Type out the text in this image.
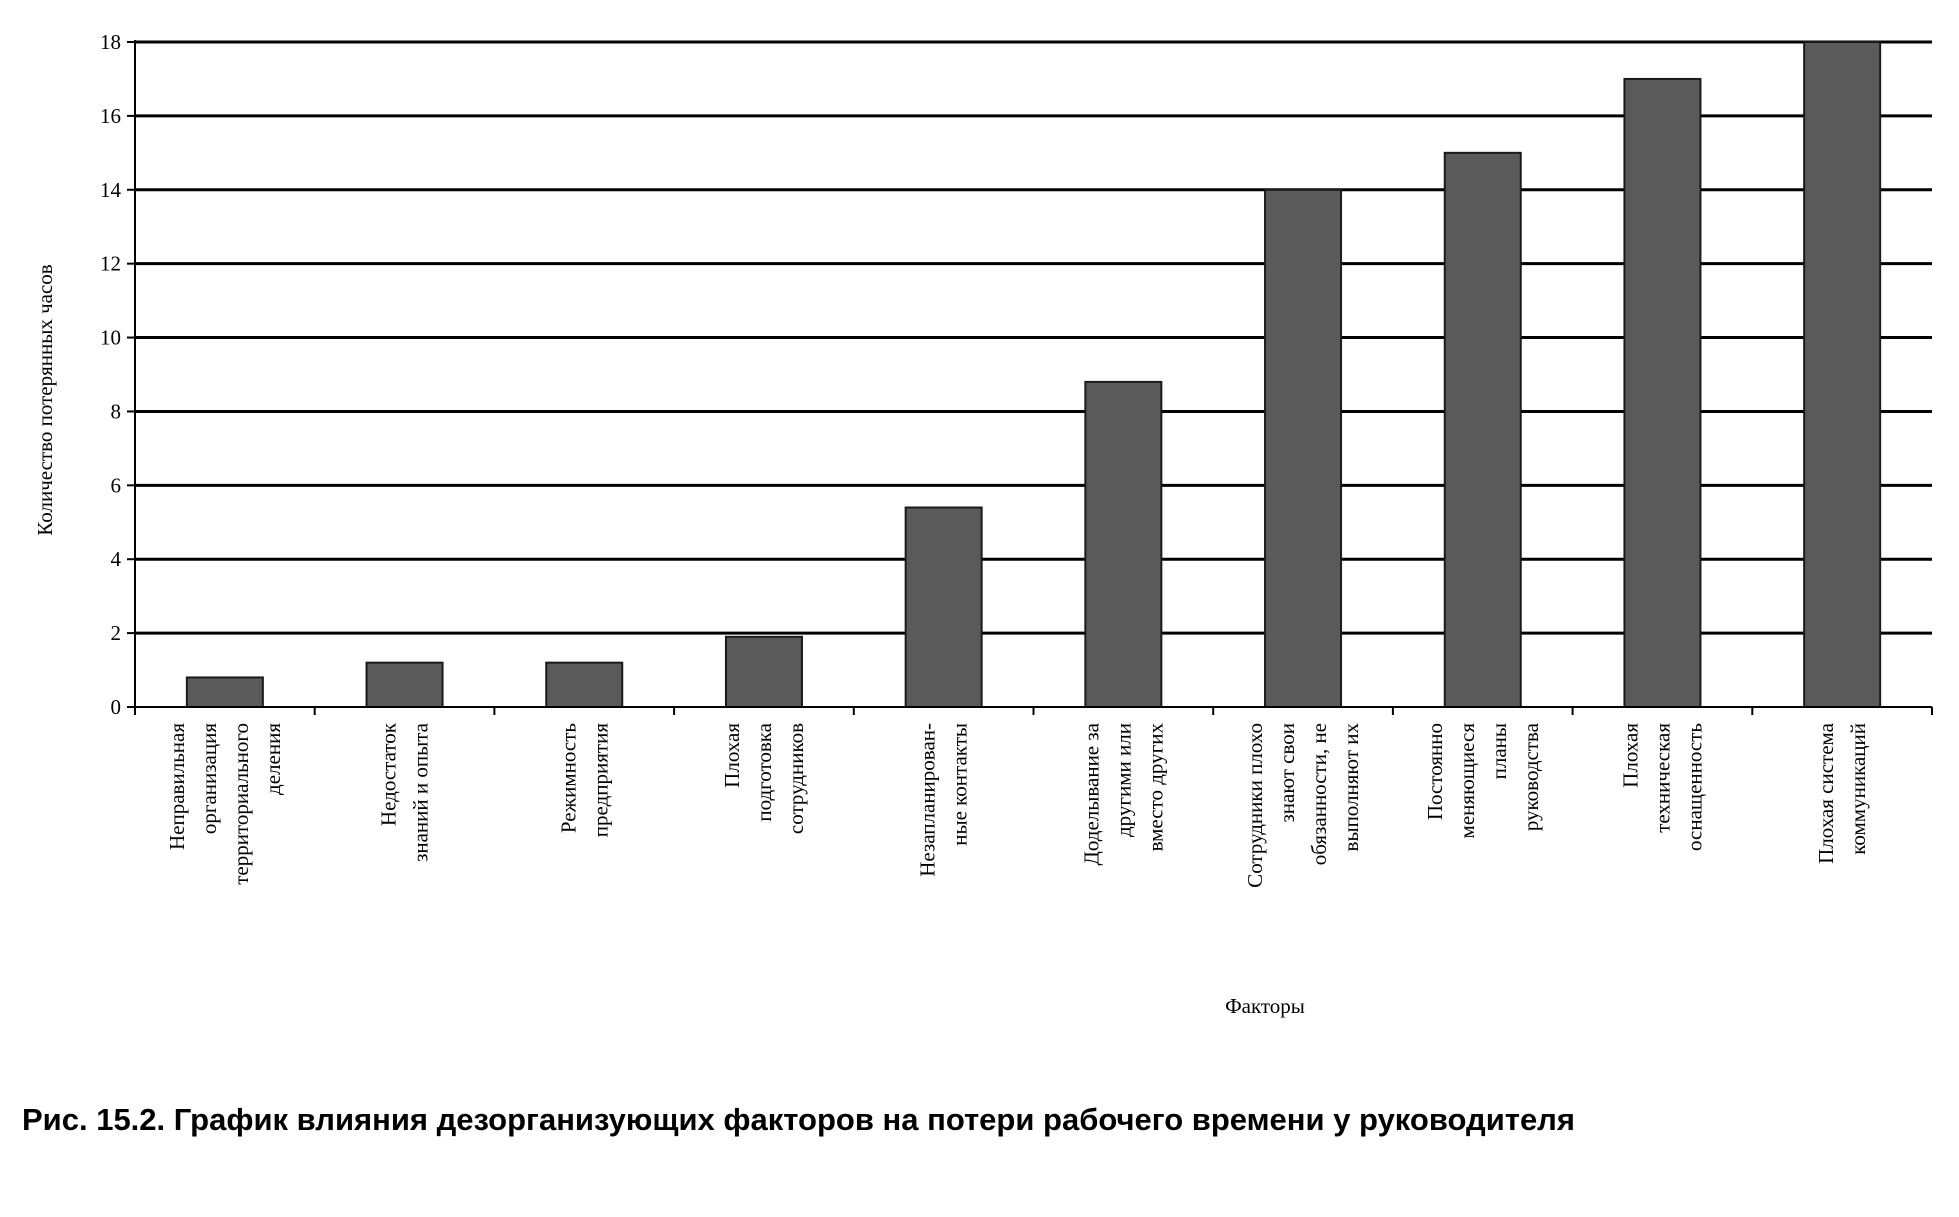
0
2
4
6
8
10
12
14
16
18
Неправильная организация территориального деления	Недостаток знаний и опыта	Режимность предприятия	Плохая подготовка сотрудников	Незапланирован- ные контакты	Доделывание за другими или вместо других	Сотрудники плохо знают свои обязанности, не выполняют их	Постоянно меняющиеся планы руководства	Плохая техническая оснащенность	Плохая система коммуникаций
Количество потерянных часов
Факторы
Рис. 15.2. График влияния дезорганизующих факторов на потери рабочего времени у руководителя
